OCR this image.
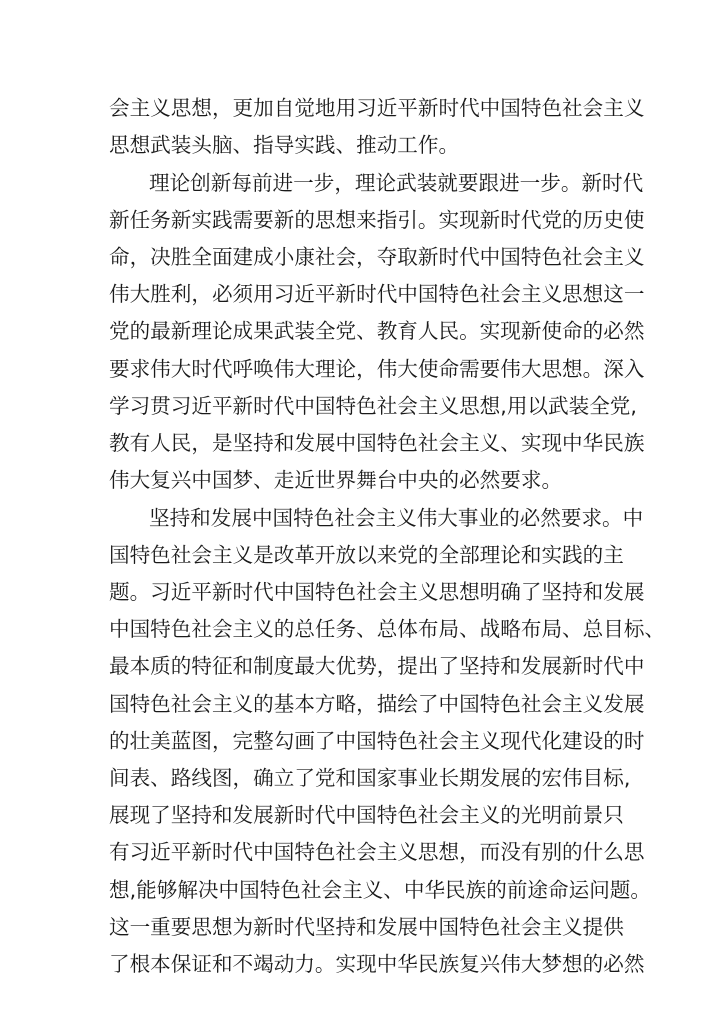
会主义思想，更加自觉地用习近平新时代中国特色社会主义
思想武装头脑、指导实践、推动工作。
理论创新每前进一步，理论武装就要跟进一步。新时代
新任务新实践需要新的思想来指引。实现新时代党的历史使
命，决胜全面建成小康社会，夺取新时代中国特色社会主义
伟大胜利，必须用习近平新时代中国特色社会主义思想这一
党的最新理论成果武装全党、教育人民。实现新使命的必然
要求伟大时代呼唤伟大理论，伟大使命需要伟大思想。深入
学习贯习近平新时代中国特色社会主义思想,用以武装全党,
教有人民，是坚持和发展中国特色社会主义、实现中华民族
伟大复兴中国梦、走近世界舞台中央的必然要求。
坚持和发展中国特色社会主义伟大事业的必然要求。中
国特色社会主义是改革开放以来党的全部理论和实践的主
题。习近平新时代中国特色社会主义思想明确了坚持和发展
中国特色社会主义的总任务、总体布局、战略布局、总目标、
最本质的特征和制度最大优势，提出了坚持和发展新时代中
国特色社会主义的基本方略，描绘了中国特色社会主义发展
的壮美蓝图，完整勾画了中国特色社会主义现代化建设的时
间表、路线图，确立了党和国家事业长期发展的宏伟目标,
展现了坚持和发展新时代中国特色社会主义的光明前景只
有习近平新时代中国特色社会主义思想，而没有别的什么思
想,能够解决中国特色社会主义、中华民族的前途命运问题。
这一重要思想为新时代坚持和发展中国特色社会主义提供
了根本保证和不竭动力。实现中华民族复兴伟大梦想的必然
